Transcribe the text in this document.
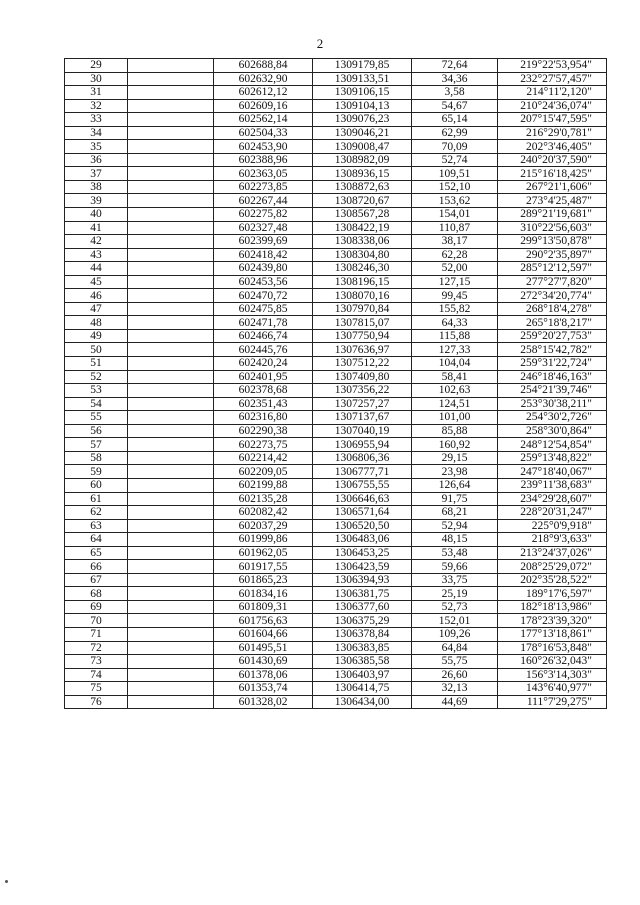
2
29		602688,84	1309179,85	72,64	219°22'53,954"
30		602632,90	1309133,51	34,36	232°27'57,457"
31		602612,12	1309106,15	3,58	214°11'2,120"
32		602609,16	1309104,13	54,67	210°24'36,074"
33		602562,14	1309076,23	65,14	207°15'47,595"
34		602504,33	1309046,21	62,99	216°29'0,781"
35		602453,90	1309008,47	70,09	202°3'46,405"
36		602388,96	1308982,09	52,74	240°20'37,590"
37		602363,05	1308936,15	109,51	215°16'18,425"
38		602273,85	1308872,63	152,10	267°21'1,606"
39		602267,44	1308720,67	153,62	273°4'25,487"
40		602275,82	1308567,28	154,01	289°21'19,681"
41		602327,48	1308422,19	110,87	310°22'56,603"
42		602399,69	1308338,06	38,17	299°13'50,878"
43		602418,42	1308304,80	62,28	290°2'35,897"
44		602439,80	1308246,30	52,00	285°12'12,597"
45		602453,56	1308196,15	127,15	277°27'7,820"
46		602470,72	1308070,16	99,45	272°34'20,774"
47		602475,85	1307970,84	155,82	268°18'4,278"
48		602471,78	1307815,07	64,33	265°18'8,217"
49		602466,74	1307750,94	115,88	259°20'27,753"
50		602445,76	1307636,97	127,33	258°15'42,782"
51		602420,24	1307512,22	104,04	259°31'22,724"
52		602401,95	1307409,80	58,41	246°18'46,163"
53		602378,68	1307356,22	102,63	254°21'39,746"
54		602351,43	1307257,27	124,51	253°30'38,211"
55		602316,80	1307137,67	101,00	254°30'2,726"
56		602290,38	1307040,19	85,88	258°30'0,864"
57		602273,75	1306955,94	160,92	248°12'54,854"
58		602214,42	1306806,36	29,15	259°13'48,822"
59		602209,05	1306777,71	23,98	247°18'40,067"
60		602199,88	1306755,55	126,64	239°11'38,683"
61		602135,28	1306646,63	91,75	234°29'28,607"
62		602082,42	1306571,64	68,21	228°20'31,247"
63		602037,29	1306520,50	52,94	225°0'9,918"
64		601999,86	1306483,06	48,15	218°9'3,633"
65		601962,05	1306453,25	53,48	213°24'37,026"
66		601917,55	1306423,59	59,66	208°25'29,072"
67		601865,23	1306394,93	33,75	202°35'28,522"
68		601834,16	1306381,75	25,19	189°17'6,597"
69		601809,31	1306377,60	52,73	182°18'13,986"
70		601756,63	1306375,29	152,01	178°23'39,320"
71		601604,66	1306378,84	109,26	177°13'18,861"
72		601495,51	1306383,85	64,84	178°16'53,848"
73		601430,69	1306385,58	55,75	160°26'32,043"
74		601378,06	1306403,97	26,60	156°3'14,303"
75		601353,74	1306414,75	32,13	143°6'40,977"
76		601328,02	1306434,00	44,69	111°7'29,275"
